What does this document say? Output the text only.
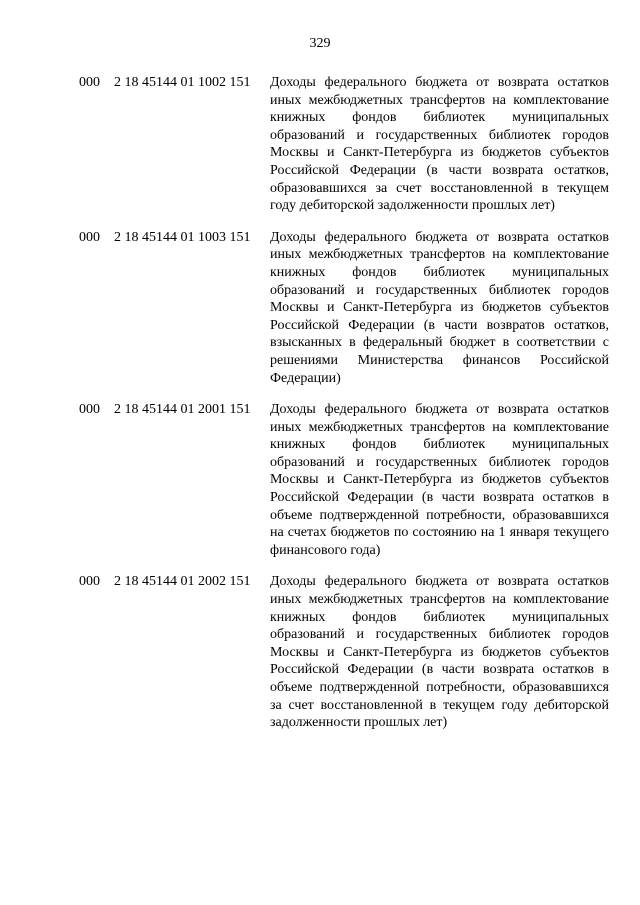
329
000 2 18 45144 01 1002 151 Доходы федерального бюджета от возврата остатков иных межбюджетных трансфертов на комплектование книжных фондов библиотек муниципальных образований и государственных библиотек городов Москвы и Санкт-Петербурга из бюджетов субъектов Российской Федерации (в части возврата остатков, образовавшихся за счет восстановленной в текущем году дебиторской задолженности прошлых лет)
000 2 18 45144 01 1003 151 Доходы федерального бюджета от возврата остатков иных межбюджетных трансфертов на комплектование книжных фондов библиотек муниципальных образований и государственных библиотек городов Москвы и Санкт-Петербурга из бюджетов субъектов Российской Федерации (в части возвратов остатков, взысканных в федеральный бюджет в соответствии с решениями Министерства финансов Российской Федерации)
000 2 18 45144 01 2001 151 Доходы федерального бюджета от возврата остатков иных межбюджетных трансфертов на комплектование книжных фондов библиотек муниципальных образований и государственных библиотек городов Москвы и Санкт-Петербурга из бюджетов субъектов Российской Федерации (в части возврата остатков в объеме подтвержденной потребности, образовавшихся на счетах бюджетов по состоянию на 1 января текущего финансового года)
000 2 18 45144 01 2002 151 Доходы федерального бюджета от возврата остатков иных межбюджетных трансфертов на комплектование книжных фондов библиотек муниципальных образований и государственных библиотек городов Москвы и Санкт-Петербурга из бюджетов субъектов Российской Федерации (в части возврата остатков в объеме подтвержденной потребности, образовавшихся за счет восстановленной в текущем году дебиторской задолженности прошлых лет)
